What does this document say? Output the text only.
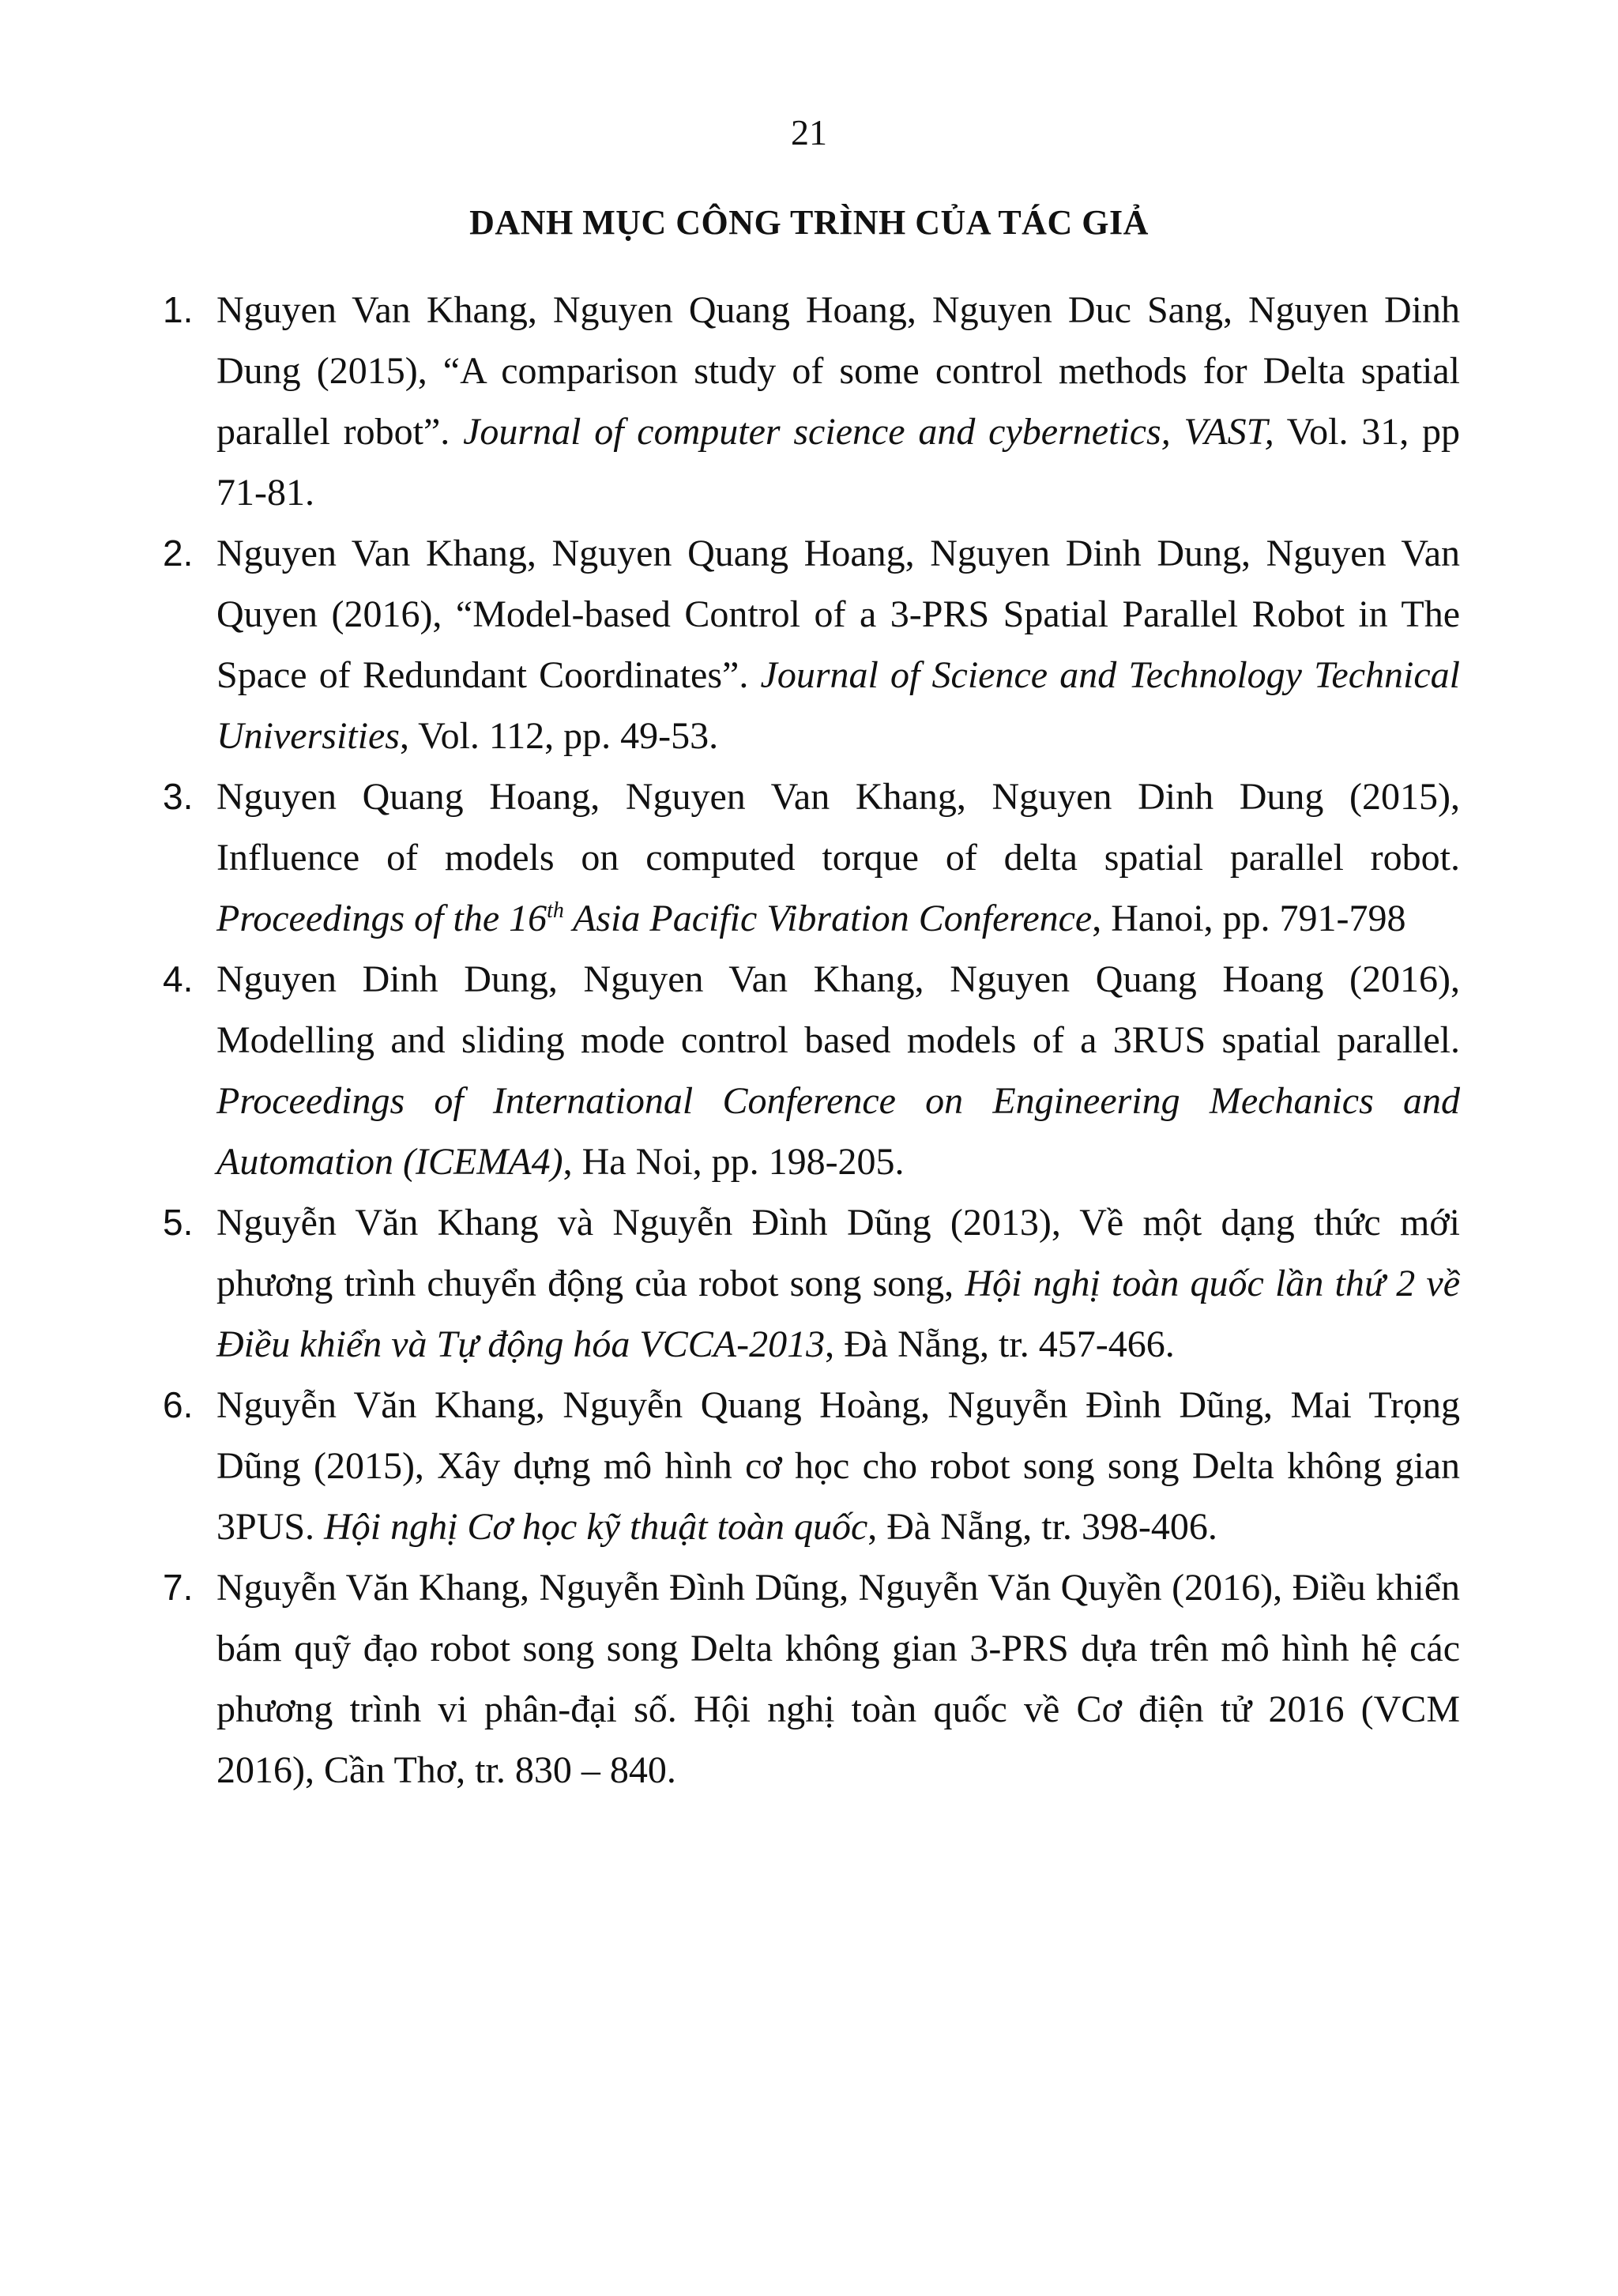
21
DANH MỤC CÔNG TRÌNH CỦA TÁC GIẢ
1. Nguyen Van Khang, Nguyen Quang Hoang, Nguyen Duc Sang, Nguyen Dinh Dung (2015), “A comparison study of some control methods for Delta spatial parallel robot”. Journal of computer science and cybernetics, VAST, Vol. 31, pp 71-81.
2. Nguyen Van Khang, Nguyen Quang Hoang, Nguyen Dinh Dung, Nguyen Van Quyen (2016), “Model-based Control of a 3-PRS Spatial Parallel Robot in The Space of Redundant Coordinates”. Journal of Science and Technology Technical Universities, Vol. 112, pp. 49-53.
3. Nguyen Quang Hoang, Nguyen Van Khang, Nguyen Dinh Dung (2015), Influence of models on computed torque of delta spatial parallel robot. Proceedings of the 16th Asia Pacific Vibration Conference, Hanoi, pp. 791-798
4. Nguyen Dinh Dung, Nguyen Van Khang, Nguyen Quang Hoang (2016), Modelling and sliding mode control based models of a 3RUS spatial parallel. Proceedings of International Conference on Engineering Mechanics and Automation (ICEMA4), Ha Noi, pp. 198-205.
5. Nguyễn Văn Khang và Nguyễn Đình Dũng (2013), Về một dạng thức mới phương trình chuyển động của robot song song, Hội nghị toàn quốc lần thứ 2 về Điều khiển và Tự động hóa VCCA-2013, Đà Nẵng, tr. 457-466.
6. Nguyễn Văn Khang, Nguyễn Quang Hoàng, Nguyễn Đình Dũng, Mai Trọng Dũng (2015), Xây dựng mô hình cơ học cho robot song song Delta không gian 3PUS. Hội nghị Cơ học kỹ thuật toàn quốc, Đà Nẵng, tr. 398-406.
7. Nguyễn Văn Khang, Nguyễn Đình Dũng, Nguyễn Văn Quyền (2016), Điều khiển bám quỹ đạo robot song song Delta không gian 3-PRS dựa trên mô hình hệ các phương trình vi phân-đại số. Hội nghị toàn quốc về Cơ điện tử 2016 (VCM 2016), Cần Thơ, tr. 830 – 840.
